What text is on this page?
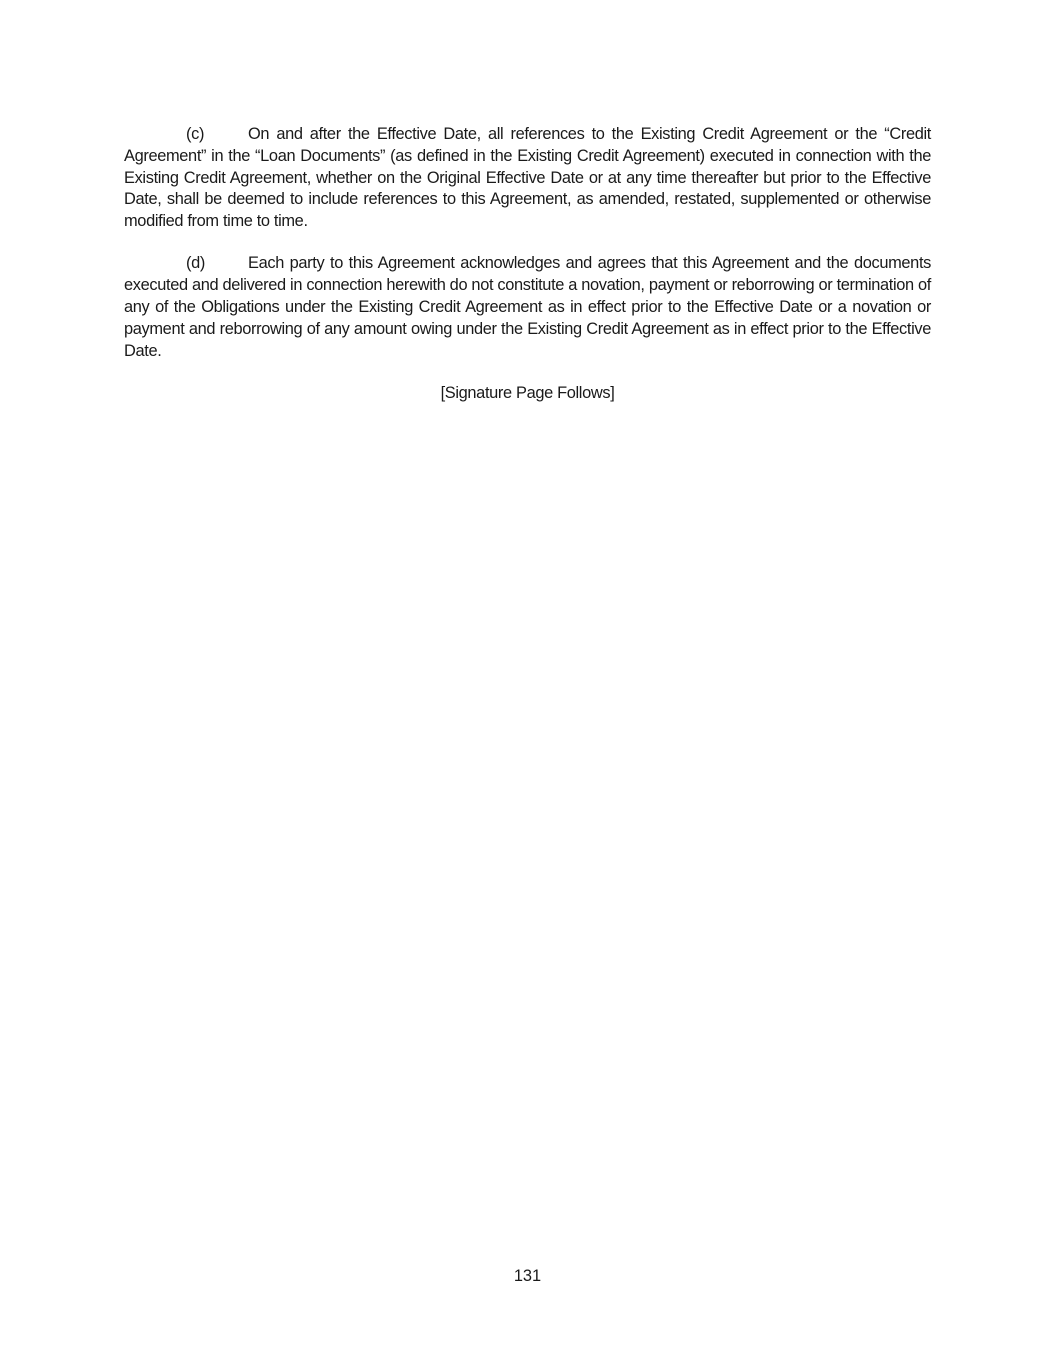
(c)	On and after the Effective Date, all references to the Existing Credit Agreement or the “Credit Agreement” in the “Loan Documents” (as defined in the Existing Credit Agreement) executed in connection with the Existing Credit Agreement, whether on the Original Effective Date or at any time thereafter but prior to the Effective Date, shall be deemed to include references to this Agreement, as amended, restated, supplemented or otherwise modified from time to time.

(d)	Each party to this Agreement acknowledges and agrees that this Agreement and the documents executed and delivered in connection herewith do not constitute a novation, payment or reborrowing or termination of any of the Obligations under the Existing Credit Agreement as in effect prior to the Effective Date or a novation or payment and reborrowing of any amount owing under the Existing Credit Agreement as in effect prior to the Effective Date.

[Signature Page Follows]

131
